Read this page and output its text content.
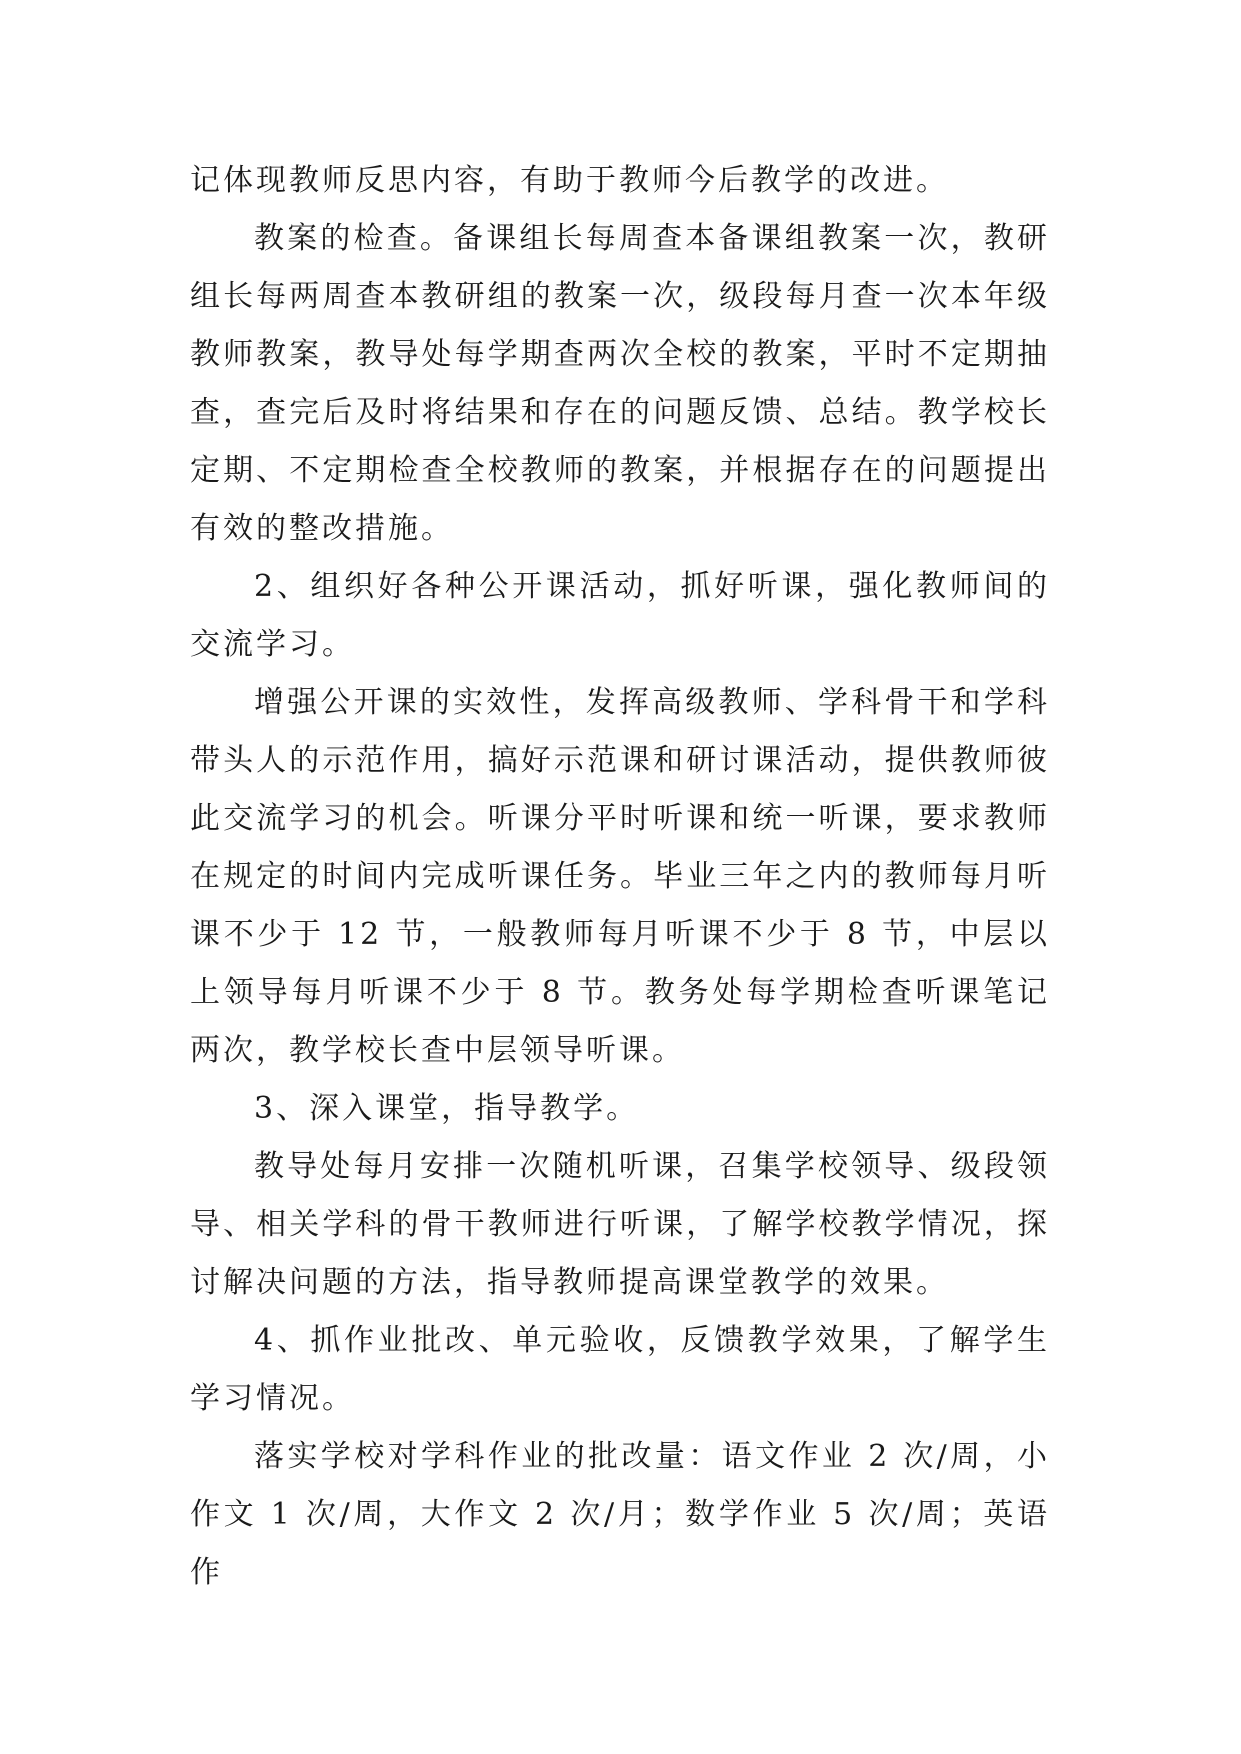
记体现教师反思内容，有助于教师今后教学的改进。

教案的检查。备课组长每周查本备课组教案一次，教研组长每两周查本教研组的教案一次，级段每月查一次本年级教师教案，教导处每学期查两次全校的教案，平时不定期抽查，查完后及时将结果和存在的问题反馈、总结。教学校长定期、不定期检查全校教师的教案，并根据存在的问题提出有效的整改措施。

2、组织好各种公开课活动，抓好听课，强化教师间的交流学习。

增强公开课的实效性，发挥高级教师、学科骨干和学科带头人的示范作用，搞好示范课和研讨课活动，提供教师彼此交流学习的机会。听课分平时听课和统一听课，要求教师在规定的时间内完成听课任务。毕业三年之内的教师每月听课不少于 12 节，一般教师每月听课不少于 8 节，中层以上领导每月听课不少于 8 节。教务处每学期检查听课笔记两次，教学校长查中层领导听课。

3、深入课堂，指导教学。

教导处每月安排一次随机听课，召集学校领导、级段领导、相关学科的骨干教师进行听课，了解学校教学情况，探讨解决问题的方法，指导教师提高课堂教学的效果。

4、抓作业批改、单元验收，反馈教学效果，了解学生学习情况。

落实学校对学科作业的批改量：语文作业 2 次/周，小作文 1 次/周，大作文 2 次/月；数学作业 5 次/周；英语作
